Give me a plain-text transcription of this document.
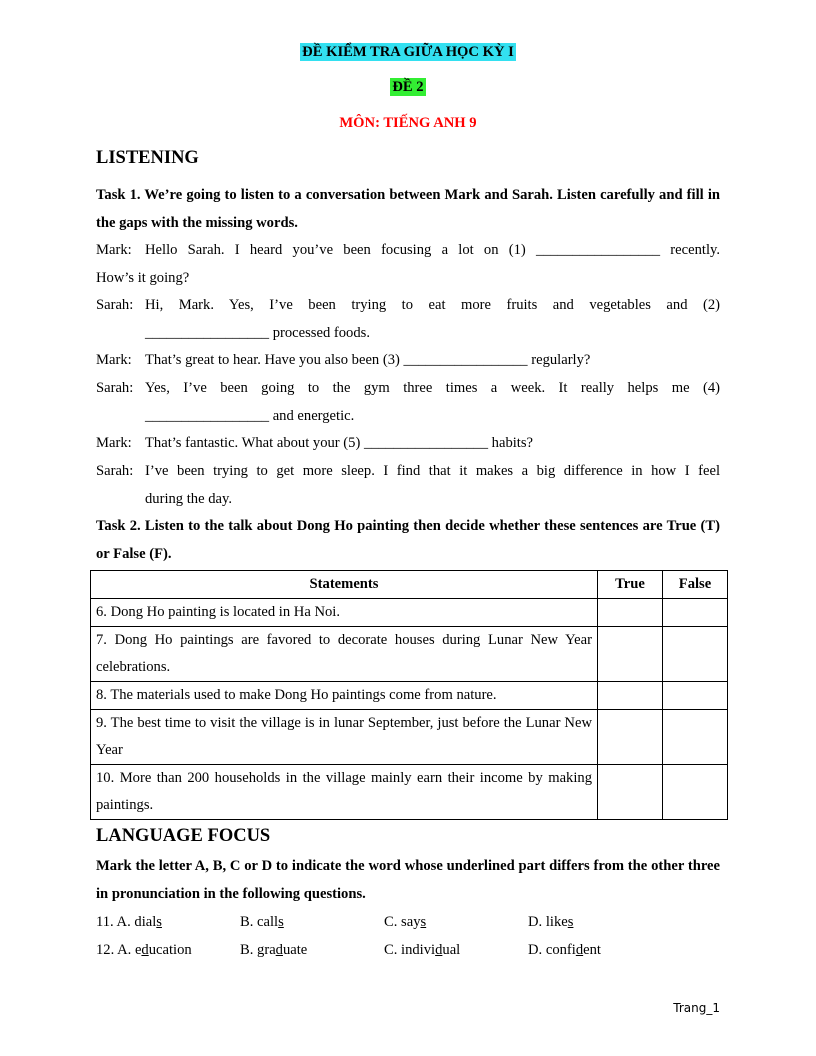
ĐỀ KIỂM TRA GIỮA HỌC KỲ I
ĐỀ 2
MÔN: TIẾNG ANH 9
LISTENING
Task 1. We’re going to listen to a conversation between Mark and Sarah. Listen carefully and fill in the gaps with the missing words.
Mark: Hello Sarah. I heard you’ve been focusing a lot on (1) _________________ recently.
How’s it going?
Sarah: Hi, Mark. Yes, I’ve been trying to eat more fruits and vegetables and (2)
_________________ processed foods.
Mark: That’s great to hear. Have you also been (3) _________________ regularly?
Sarah: Yes, I’ve been going to the gym three times a week. It really helps me (4)
_________________ and energetic.
Mark: That’s fantastic. What about your (5) _________________ habits?
Sarah: I’ve been trying to get more sleep. I find that it makes a big difference in how I feel
during the day.
Task 2. Listen to the talk about Dong Ho painting then decide whether these sentences are True (T) or False (F).
Statements	True	False
6. Dong Ho painting is located in Ha Noi.		
7. Dong Ho paintings are favored to decorate houses during Lunar New Year celebrations.		
8. The materials used to make Dong Ho paintings come from nature.		
9. The best time to visit the village is in lunar September, just before the Lunar New Year		
10. More than 200 households in the village mainly earn their income by making paintings.		
LANGUAGE FOCUS
Mark the letter A, B, C or D to indicate the word whose underlined part differs from the other three in pronunciation in the following questions.
11. A. dials	B. calls	C. says	D. likes
12. A. education	B. graduate	C. individual	D. confident
Trang_1
